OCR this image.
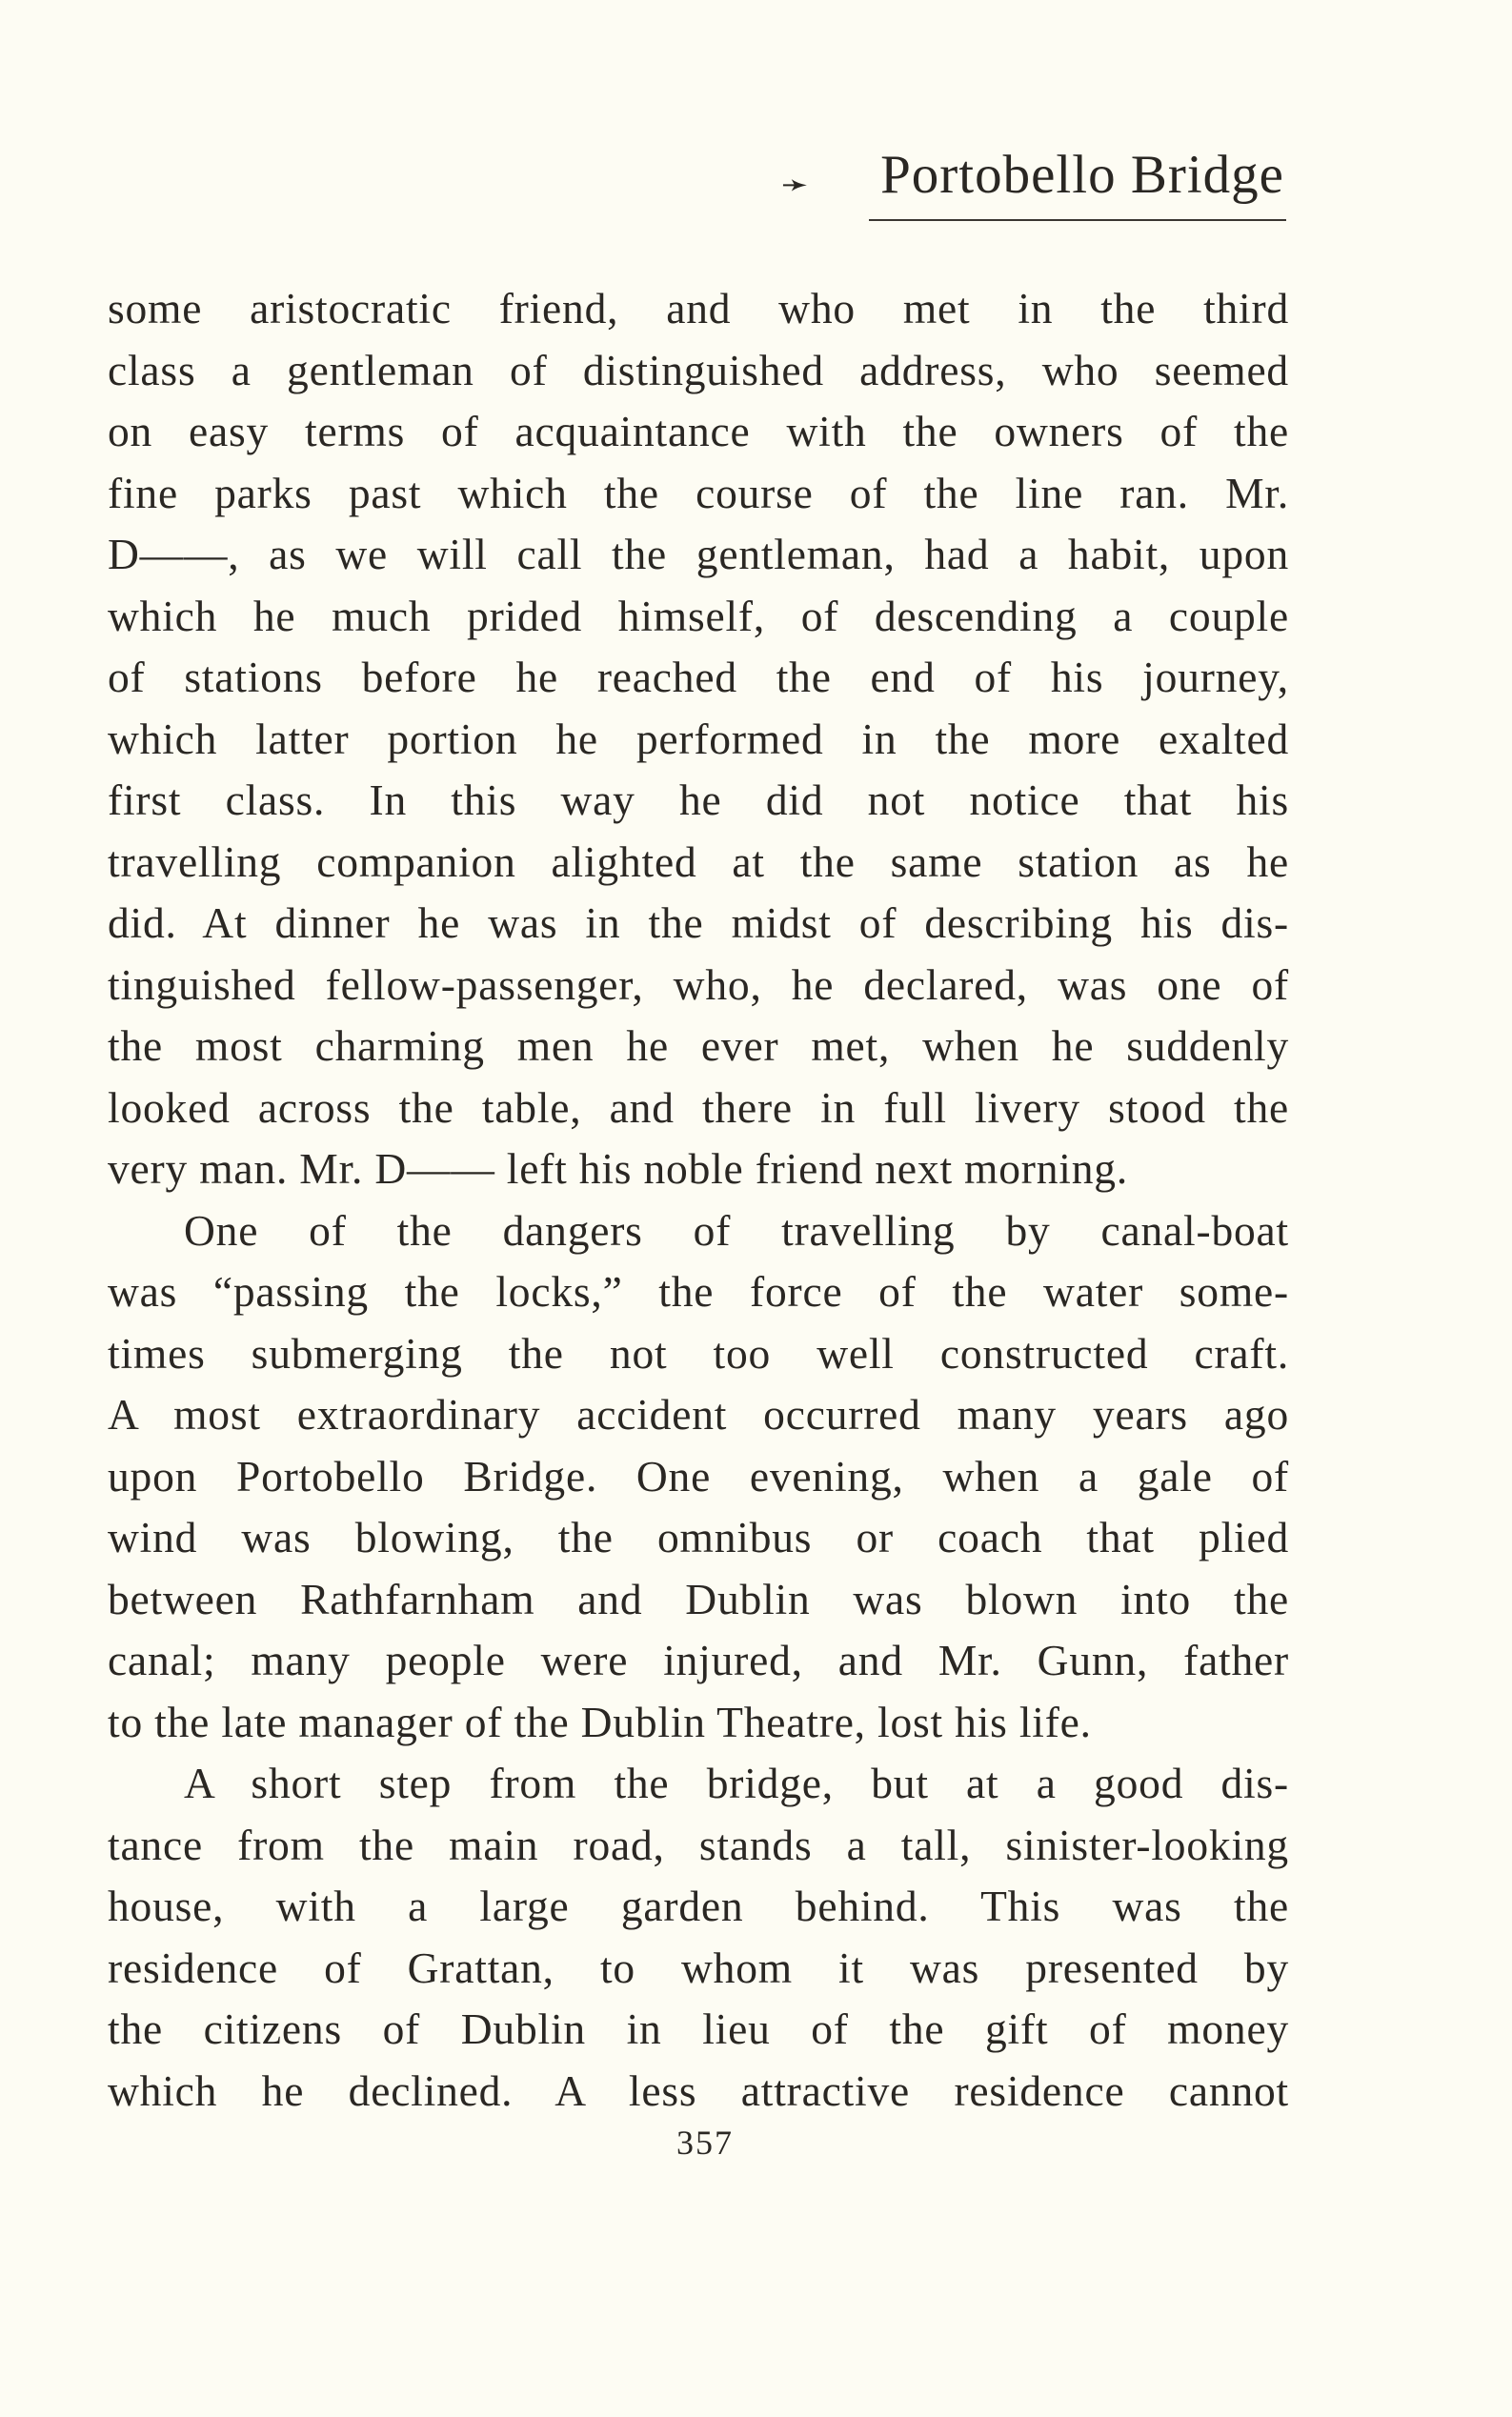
➛ Portobello Bridge
some aristocratic friend, and who met in the third
class a gentleman of distinguished address, who seemed
on easy terms of acquaintance with the owners of the
fine parks past which the course of the line ran. Mr.
D——, as we will call the gentleman, had a habit, upon
which he much prided himself, of descending a couple
of stations before he reached the end of his journey,
which latter portion he performed in the more exalted
first class. In this way he did not notice that his
travelling companion alighted at the same station as he
did. At dinner he was in the midst of describing his dis-
tinguished fellow-passenger, who, he declared, was one of
the most charming men he ever met, when he suddenly
looked across the table, and there in full livery stood the
very man. Mr. D—— left his noble friend next morning.
One of the dangers of travelling by canal-boat
was “passing the locks,” the force of the water some-
times submerging the not too well constructed craft.
A most extraordinary accident occurred many years ago
upon Portobello Bridge. One evening, when a gale of
wind was blowing, the omnibus or coach that plied
between Rathfarnham and Dublin was blown into the
canal; many people were injured, and Mr. Gunn, father
to the late manager of the Dublin Theatre, lost his life.
A short step from the bridge, but at a good dis-
tance from the main road, stands a tall, sinister-looking
house, with a large garden behind. This was the
residence of Grattan, to whom it was presented by
the citizens of Dublin in lieu of the gift of money
which he declined. A less attractive residence cannot
357
